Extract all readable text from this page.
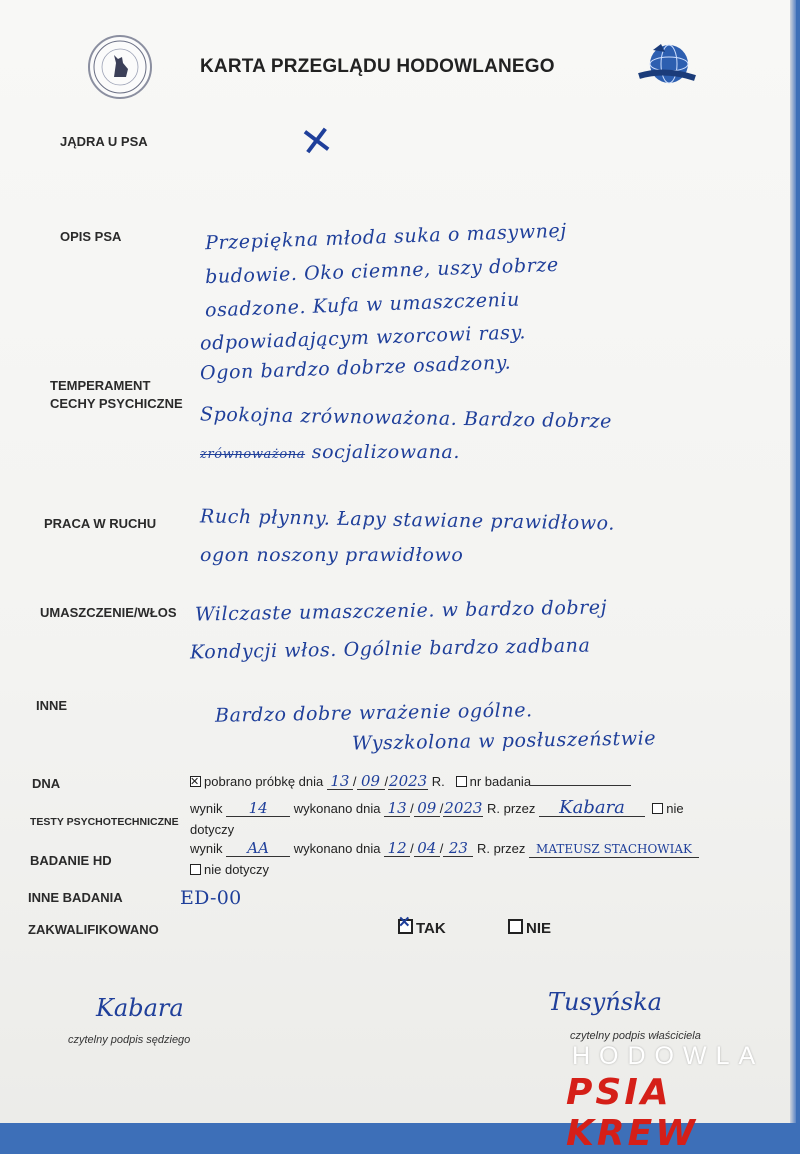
KARTA PRZEGLĄDU HODOWLANEGO
JĄDRA U PSA
OPIS PSA
TEMPERAMENT
CECHY PSYCHICZNE
PRACA W RUCHU
UMASZCZENIE/WŁOS
INNE
DNA
TESTY PSYCHOTECHNICZNE
BADANIE HD
INNE BADANIA
ZAKWALIFIKOWANO
✕
Przepiękna młoda suka o masywnej
budowie. Oko ciemne, uszy dobrze
osadzone. Kufa w umaszczeniu
odpowiadającym wzorcowi rasy.
Ogon bardzo dobrze osadzony.
Spokojna zrównoważona. Bardzo dobrze
zrównoważona socjalizowana.
Ruch płynny. Łapy stawiane prawidłowo.
ogon noszony prawidłowo
Wilczaste umaszczenie. w bardzo dobrej
Kondycji włos. Ogólnie bardzo zadbana
Bardzo dobre wrażenie ogólne.
Wyszkolona w posłuszeństwie
✕pobrano próbkę dnia 13 / 09 /2023 R. nr badania
wynik 14 wykonano dnia 13 / 09 /2023 R. przez Kabara	nie
dotyczy
wynik AA wykonano dnia 12 / 04 / 23 R. przez MATEUSZ STACHOWIAK
nie dotyczy
ED-00
✕TAK	NIE
Kabara
czytelny podpis sędziego
Tusyńska
czytelny podpis właściciela
HODOWLA
PSIA KREW
